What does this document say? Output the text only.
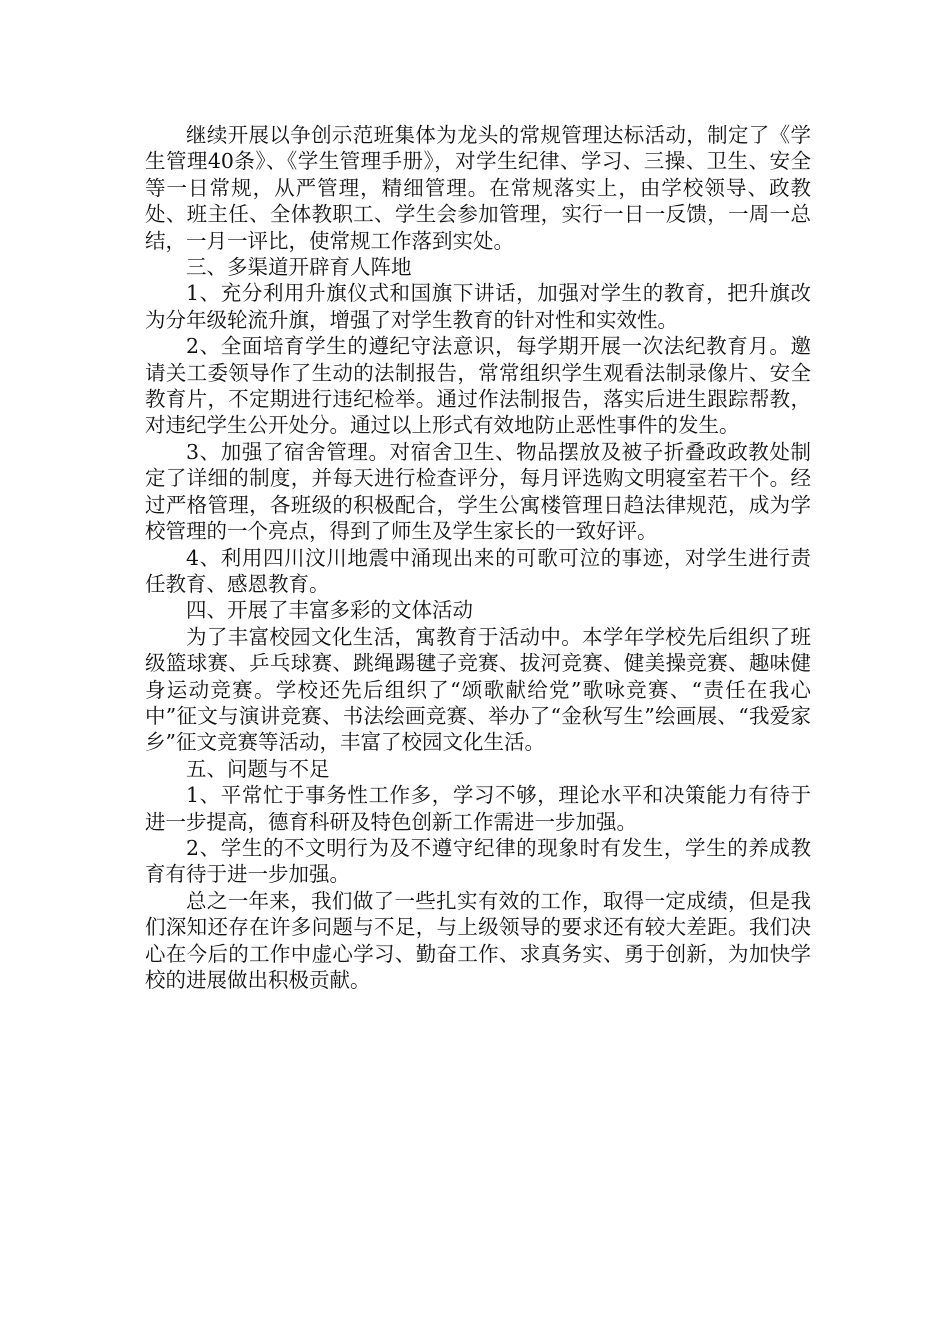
继续开展以争创示范班集体为龙头的常规管理达标活动，制定了《学生管理40条》、《学生管理手册》，对学生纪律、学习、三操、卫生、安全等一日常规，从严管理，精细管理。在常规落实上，由学校领导、政教处、班主任、全体教职工、学生会参加管理，实行一日一反馈，一周一总结，一月一评比，使常规工作落到实处。

三、多渠道开辟育人阵地

1、充分利用升旗仪式和国旗下讲话，加强对学生的教育，把升旗改为分年级轮流升旗，增强了对学生教育的针对性和实效性。

2、全面培育学生的遵纪守法意识，每学期开展一次法纪教育月。邀请关工委领导作了生动的法制报告，常常组织学生观看法制录像片、安全教育片，不定期进行违纪检举。通过作法制报告，落实后进生跟踪帮教，对违纪学生公开处分。通过以上形式有效地防止恶性事件的发生。

3、加强了宿舍管理。对宿舍卫生、物品摆放及被子折叠政政教处制定了详细的制度，并每天进行检查评分，每月评选购文明寝室若干个。经过严格管理，各班级的积极配合，学生公寓楼管理日趋法律规范，成为学校管理的一个亮点，得到了师生及学生家长的一致好评。

4、利用四川汶川地震中涌现出来的可歌可泣的事迹，对学生进行责任教育、感恩教育。

四、开展了丰富多彩的文体活动

为了丰富校园文化生活，寓教育于活动中。本学年学校先后组织了班级篮球赛、乒乓球赛、跳绳踢毽子竞赛、拔河竞赛、健美操竞赛、趣味健身运动竞赛。学校还先后组织了“颂歌献给党”歌咏竞赛、“责任在我心中”征文与演讲竞赛、书法绘画竞赛、举办了“金秋写生”绘画展、“我爱家乡”征文竞赛等活动，丰富了校园文化生活。

五、问题与不足

1、平常忙于事务性工作多，学习不够，理论水平和决策能力有待于进一步提高，德育科研及特色创新工作需进一步加强。

2、学生的不文明行为及不遵守纪律的现象时有发生，学生的养成教育有待于进一步加强。

总之一年来，我们做了一些扎实有效的工作，取得一定成绩，但是我们深知还存在许多问题与不足，与上级领导的要求还有较大差距。我们决心在今后的工作中虚心学习、勤奋工作、求真务实、勇于创新，为加快学校的进展做出积极贡献。
